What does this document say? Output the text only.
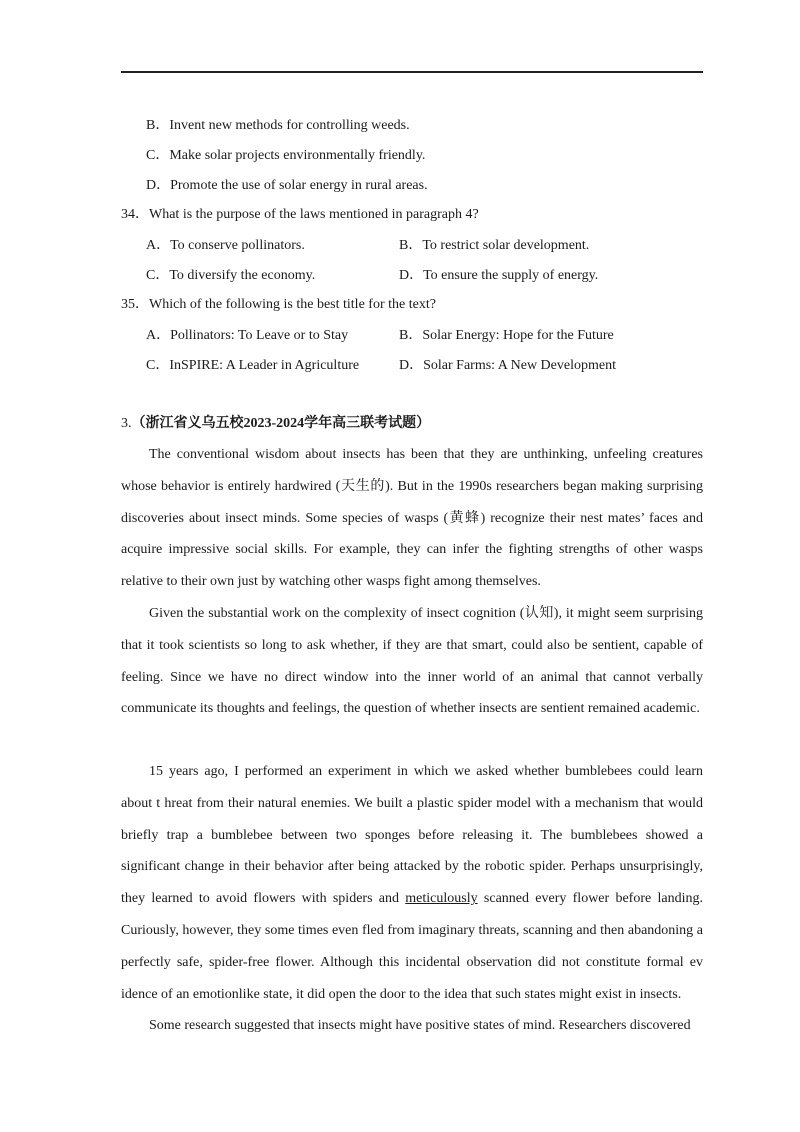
B．Invent new methods for controlling weeds.
C．Make solar projects environmentally friendly.
D．Promote the use of solar energy in rural areas.
34．What is the purpose of the laws mentioned in paragraph 4?
A．To conserve pollinators.	B．To restrict solar development.
C．To diversify the economy.	D．To ensure the supply of energy.
35．Which of the following is the best title for the text?
A．Pollinators: To Leave or to Stay	B．Solar Energy: Hope for the Future
C．InSPIRE: A Leader in Agriculture	D．Solar Farms: A New Development
3.（浙江省义乌五校2023-2024学年高三联考试题）

The conventional wisdom about insects has been that they are unthinking, unfeeling creatures whose behavior is entirely hardwired (天生的). But in the 1990s researchers began making surprising discoveries about insect minds. Some species of wasps (黄蜂) recognize their nest mates’ faces and acquire impressive social skills. For example, they can infer the fighting strengths of other wasps relative to their own just by watching other wasps fight among themselves.

Given the substantial work on the complexity of insect cognition (认知), it might seem surprising that it took scientists so long to ask whether, if they are that smart, could also be sentient, capable of feeling. Since we have no direct window into the inner world of an animal that cannot verbally communicate its thoughts and feelings, the question of whether insects are sentient remained academic.

15 years ago, I performed an experiment in which we asked whether bumblebees could learn about t hreat from their natural enemies. We built a plastic spider model with a mechanism that would briefly trap a bumblebee between two sponges before releasing it. The bumblebees showed a significant change in their behavior after being attacked by the robotic spider. Perhaps unsurprisingly, they learned to avoid flowers with spiders and meticulously scanned every flower before landing. Curiously, however, they some times even fled from imaginary threats, scanning and then abandoning a perfectly safe, spider-free flower. Although this incidental observation did not constitute formal ev idence of an emotionlike state, it did open the door to the idea that such states might exist in insects.

Some research suggested that insects might have positive states of mind. Researchers discovered
